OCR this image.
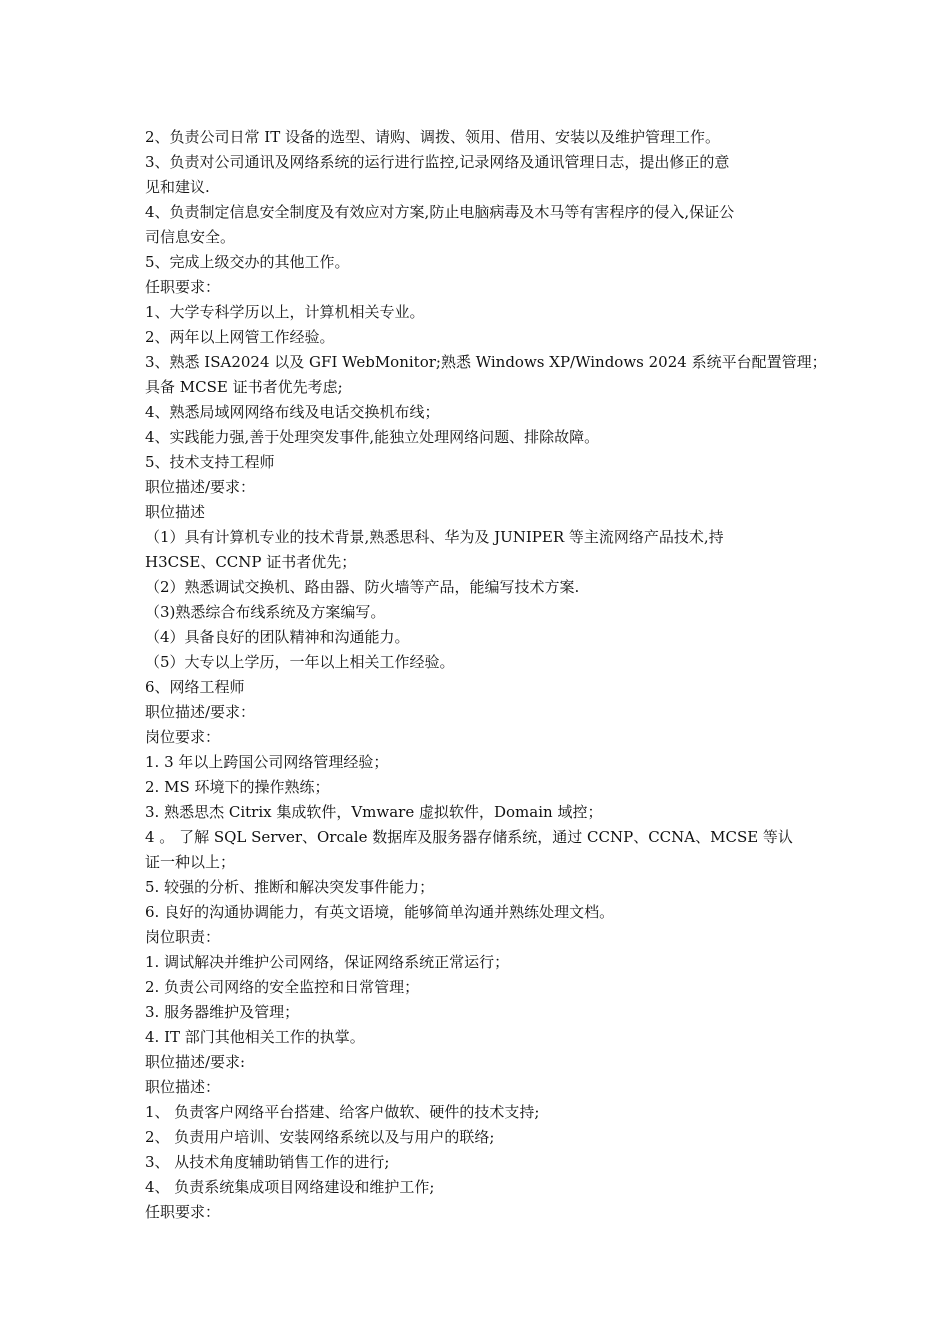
2、负责公司日常 IT 设备的选型、请购、调拨、领用、借用、安装以及维护管理工作。
3、负责对公司通讯及网络系统的运行进行监控,记录网络及通讯管理日志，提出修正的意
见和建议.
4、负责制定信息安全制度及有效应对方案,防止电脑病毒及木马等有害程序的侵入,保证公
司信息安全。
5、完成上级交办的其他工作。
任职要求：
1、大学专科学历以上，计算机相关专业。
2、两年以上网管工作经验。
3、熟悉 ISA2024 以及 GFI WebMonitor;熟悉 Windows XP/Windows 2024 系统平台配置管理；
具备 MCSE 证书者优先考虑;
4、熟悉局域网网络布线及电话交换机布线；
4、实践能力强,善于处理突发事件,能独立处理网络问题、排除故障。
5、技术支持工程师
职位描述/要求：
职位描述
（1）具有计算机专业的技术背景,熟悉思科、华为及 JUNIPER 等主流网络产品技术,持
H3CSE、CCNP 证书者优先；
（2）熟悉调试交换机、路由器、防火墙等产品，能编写技术方案.
（3)熟悉综合布线系统及方案编写。
（4）具备良好的团队精神和沟通能力。
（5）大专以上学历，一年以上相关工作经验。
6、网络工程师
职位描述/要求：
岗位要求：
1. 3 年以上跨国公司网络管理经验；
2. MS 环境下的操作熟练；
3. 熟悉思杰 Citrix 集成软件，Vmware 虚拟软件，Domain 域控；
4 。 了解 SQL Server、Orcale 数据库及服务器存储系统，通过 CCNP、CCNA、MCSE 等认
证一种以上；
5. 较强的分析、推断和解决突发事件能力；
6. 良好的沟通协调能力，有英文语境，能够简单沟通并熟练处理文档。
岗位职责：
1. 调试解决并维护公司网络，保证网络系统正常运行；
2. 负责公司网络的安全监控和日常管理；
3. 服务器维护及管理；
4. IT 部门其他相关工作的执掌。
职位描述/要求:
职位描述：
1、 负责客户网络平台搭建、给客户做软、硬件的技术支持;
2、 负责用户培训、安装网络系统以及与用户的联络;
3、 从技术角度辅助销售工作的进行;
4、 负责系统集成项目网络建设和维护工作;
任职要求：
